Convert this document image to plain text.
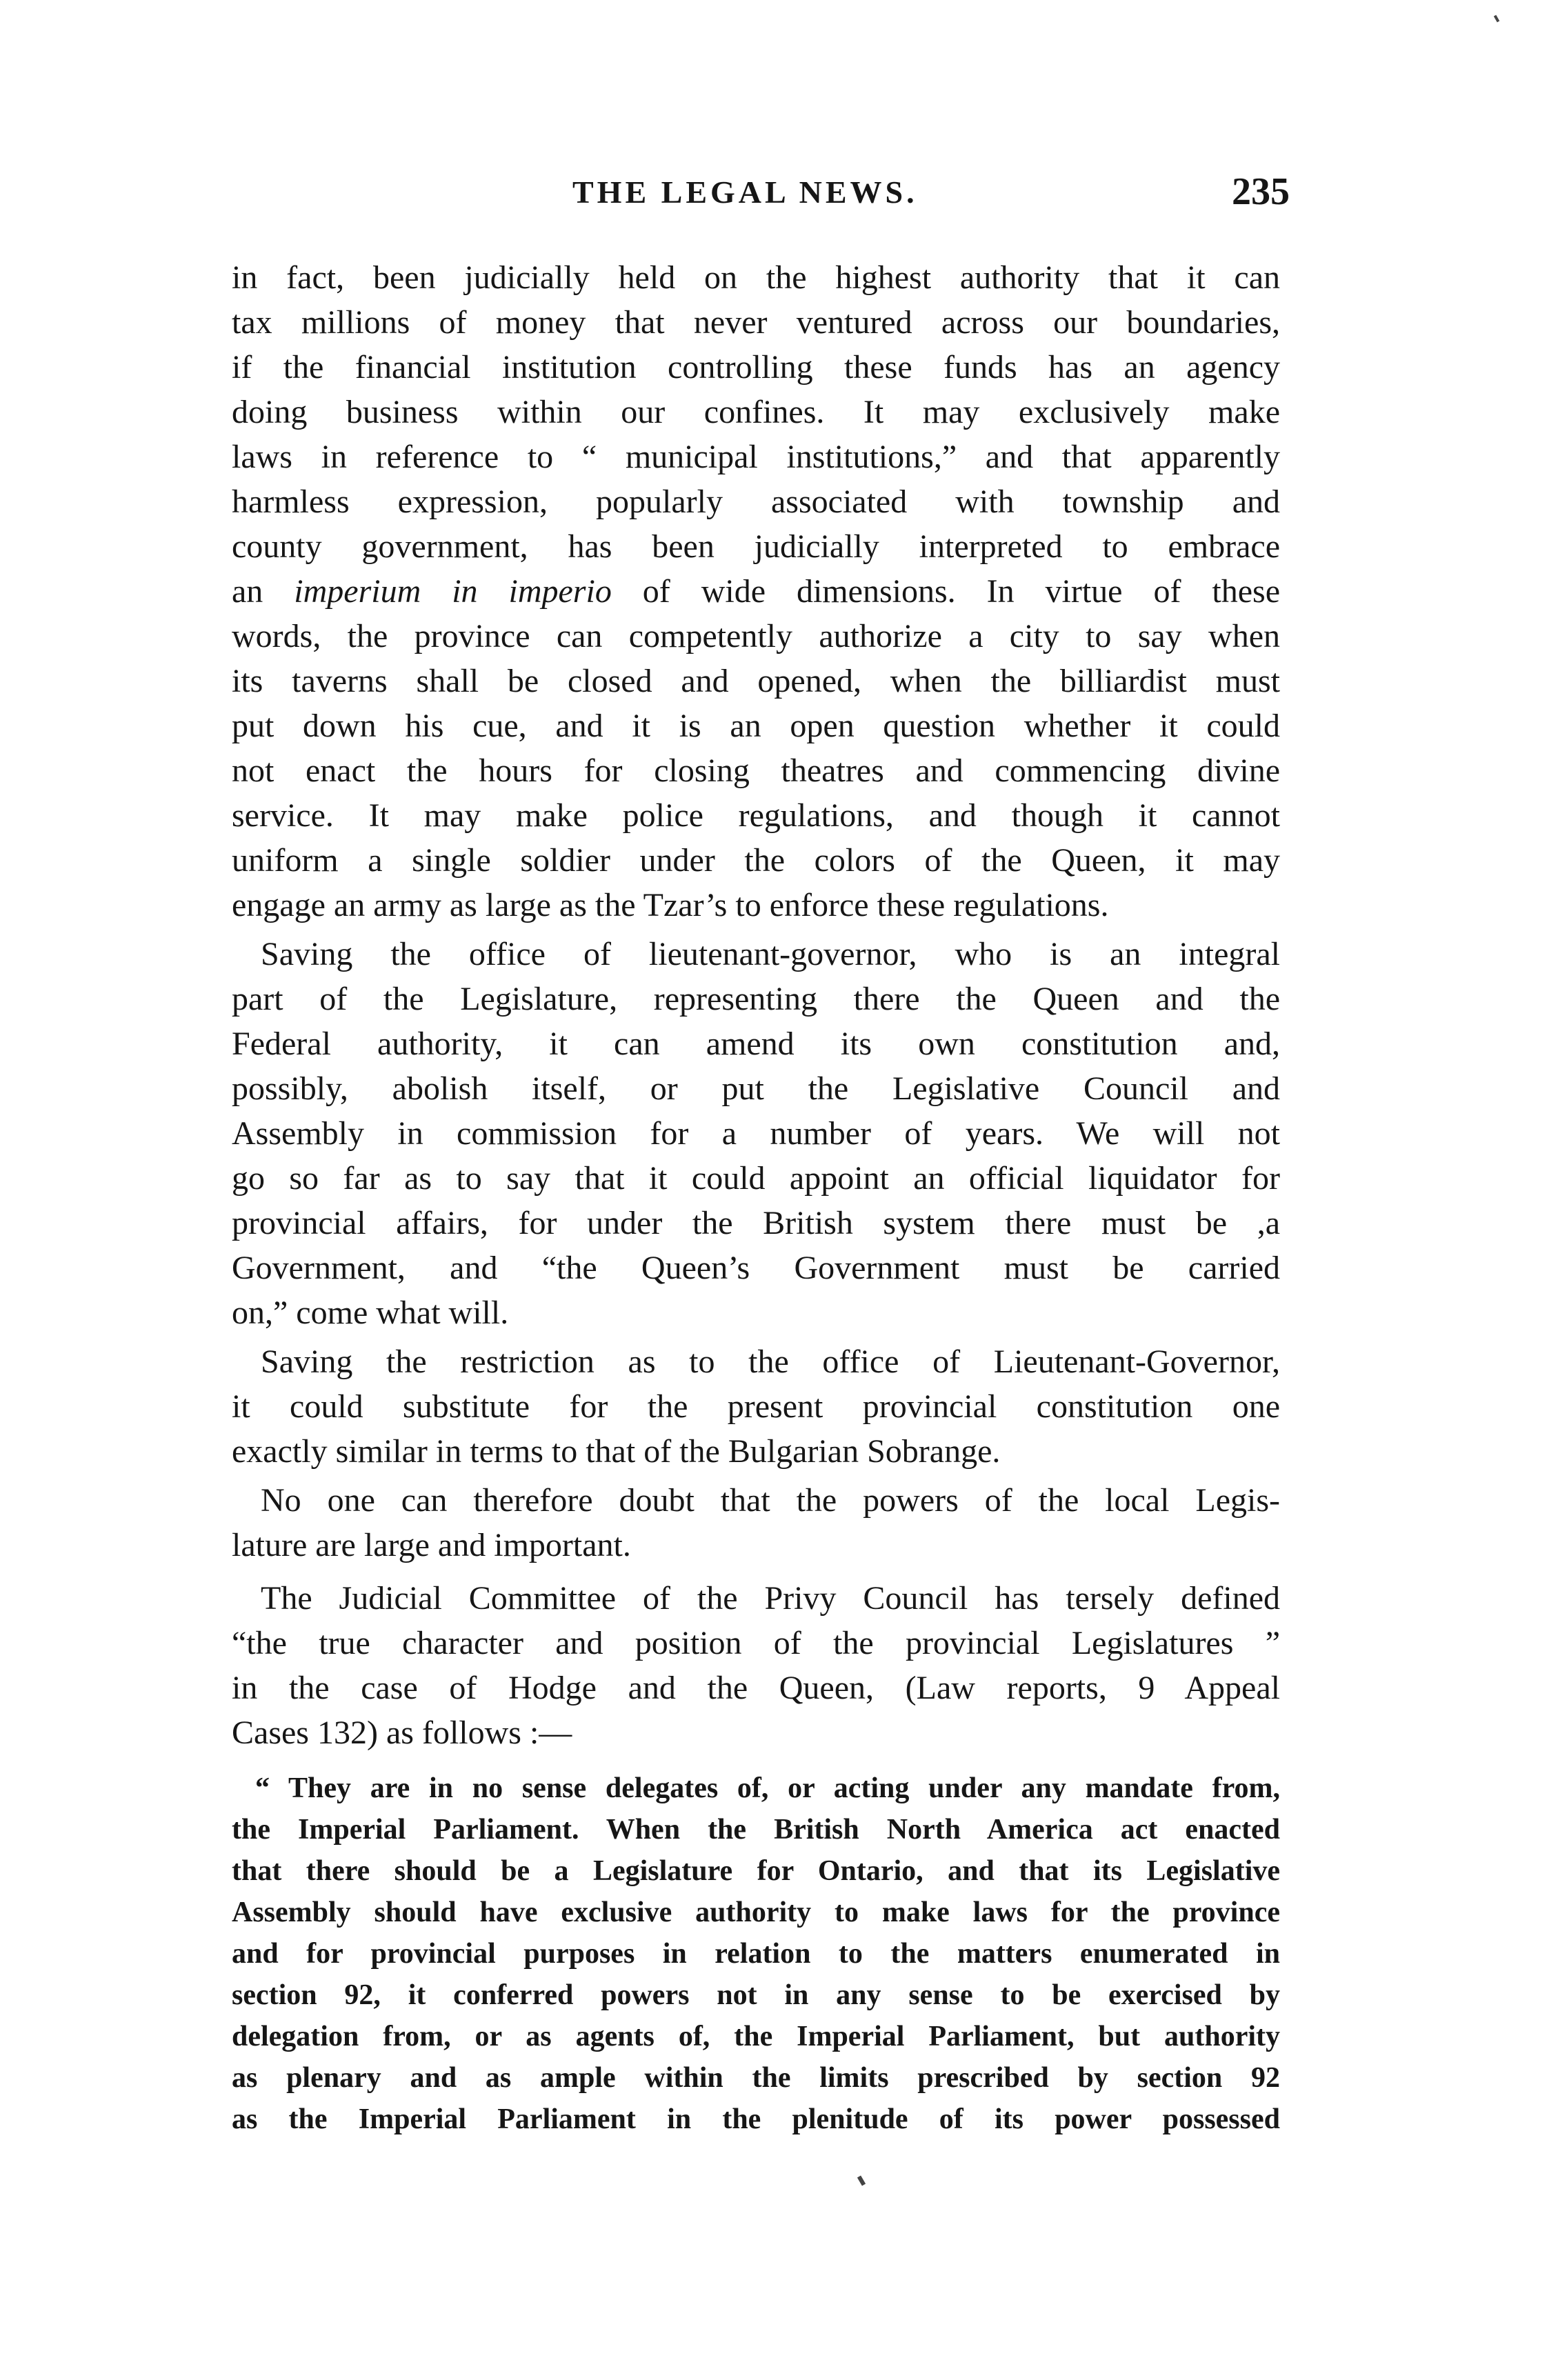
THE LEGAL NEWS.	235
in fact, been judicially held on the highest authority that it can
tax millions of money that never ventured across our boundaries,
if the financial institution controlling these funds has an agency
doing business within our confines. It may exclusively make
laws in reference to “ municipal institutions,” and that apparently
harmless expression, popularly associated with township and
county government, has been judicially interpreted to embrace
an imperium in imperio of wide dimensions. In virtue of these
words, the province can competently authorize a city to say when
its taverns shall be closed and opened, when the billiardist must
put down his cue, and it is an open question whether it could
not enact the hours for closing theatres and commencing divine
service. It may make police regulations, and though it cannot
uniform a single soldier under the colors of the Queen, it may
engage an army as large as the Tzar’s to enforce these regulations.
Saving the office of lieutenant-governor, who is an integral
part of the Legislature, representing there the Queen and the
Federal authority, it can amend its own constitution and,
possibly, abolish itself, or put the Legislative Council and
Assembly in commission for a number of years. We will not
go so far as to say that it could appoint an official liquidator for
provincial affairs, for under the British system there must be ,a
Government, and “the Queen’s Government must be carried
on,” come what will.
Saving the restriction as to the office of Lieutenant-Governor,
it could substitute for the present provincial constitution one
exactly similar in terms to that of the Bulgarian Sobrange.
No one can therefore doubt that the powers of the local Legis-
lature are large and important.
The Judicial Committee of the Privy Council has tersely defined
“the true character and position of the provincial Legislatures ”
in the case of Hodge and the Queen, (Law reports, 9 Appeal
Cases 132) as follows :—
“ They are in no sense delegates of, or acting under any mandate from,
the Imperial Parliament. When the British North America act enacted
that there should be a Legislature for Ontario, and that its Legislative
Assembly should have exclusive authority to make laws for the province
and for provincial purposes in relation to the matters enumerated in
section 92, it conferred powers not in any sense to be exercised by
delegation from, or as agents of, the Imperial Parliament, but authority
as plenary and as ample within the limits prescribed by section 92
as the Imperial Parliament in the plenitude of its power possessed
